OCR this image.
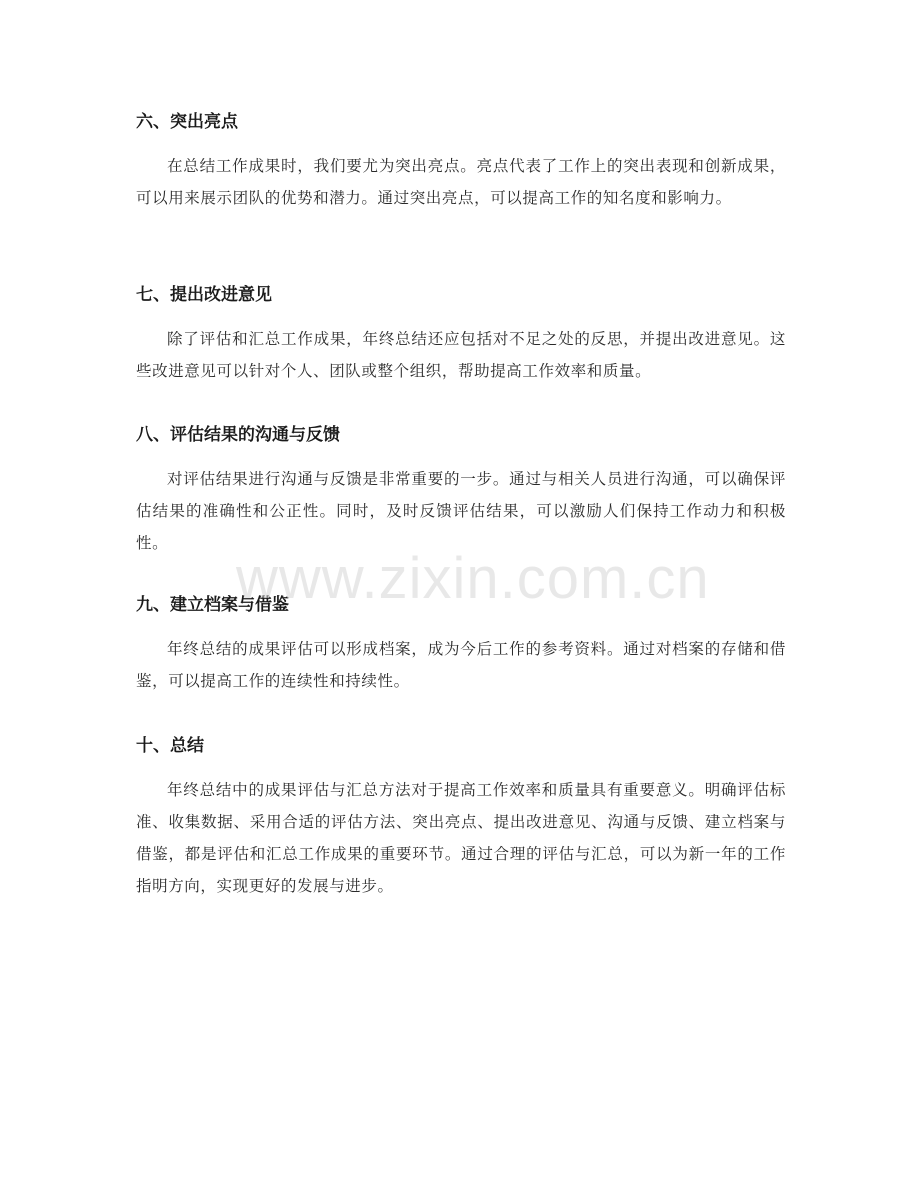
六、突出亮点

在总结工作成果时，我们要尤为突出亮点。亮点代表了工作上的突出表现和创新成果，可以用来展示团队的优势和潜力。通过突出亮点，可以提高工作的知名度和影响力。

七、提出改进意见

除了评估和汇总工作成果，年终总结还应包括对不足之处的反思，并提出改进意见。这些改进意见可以针对个人、团队或整个组织，帮助提高工作效率和质量。

八、评估结果的沟通与反馈

对评估结果进行沟通与反馈是非常重要的一步。通过与相关人员进行沟通，可以确保评估结果的准确性和公正性。同时，及时反馈评估结果，可以激励人们保持工作动力和积极性。

九、建立档案与借鉴

年终总结的成果评估可以形成档案，成为今后工作的参考资料。通过对档案的存储和借鉴，可以提高工作的连续性和持续性。

十、总结

年终总结中的成果评估与汇总方法对于提高工作效率和质量具有重要意义。明确评估标准、收集数据、采用合适的评估方法、突出亮点、提出改进意见、沟通与反馈、建立档案与借鉴，都是评估和汇总工作成果的重要环节。通过合理的评估与汇总，可以为新一年的工作指明方向，实现更好的发展与进步。

www.zixin.com.cn
